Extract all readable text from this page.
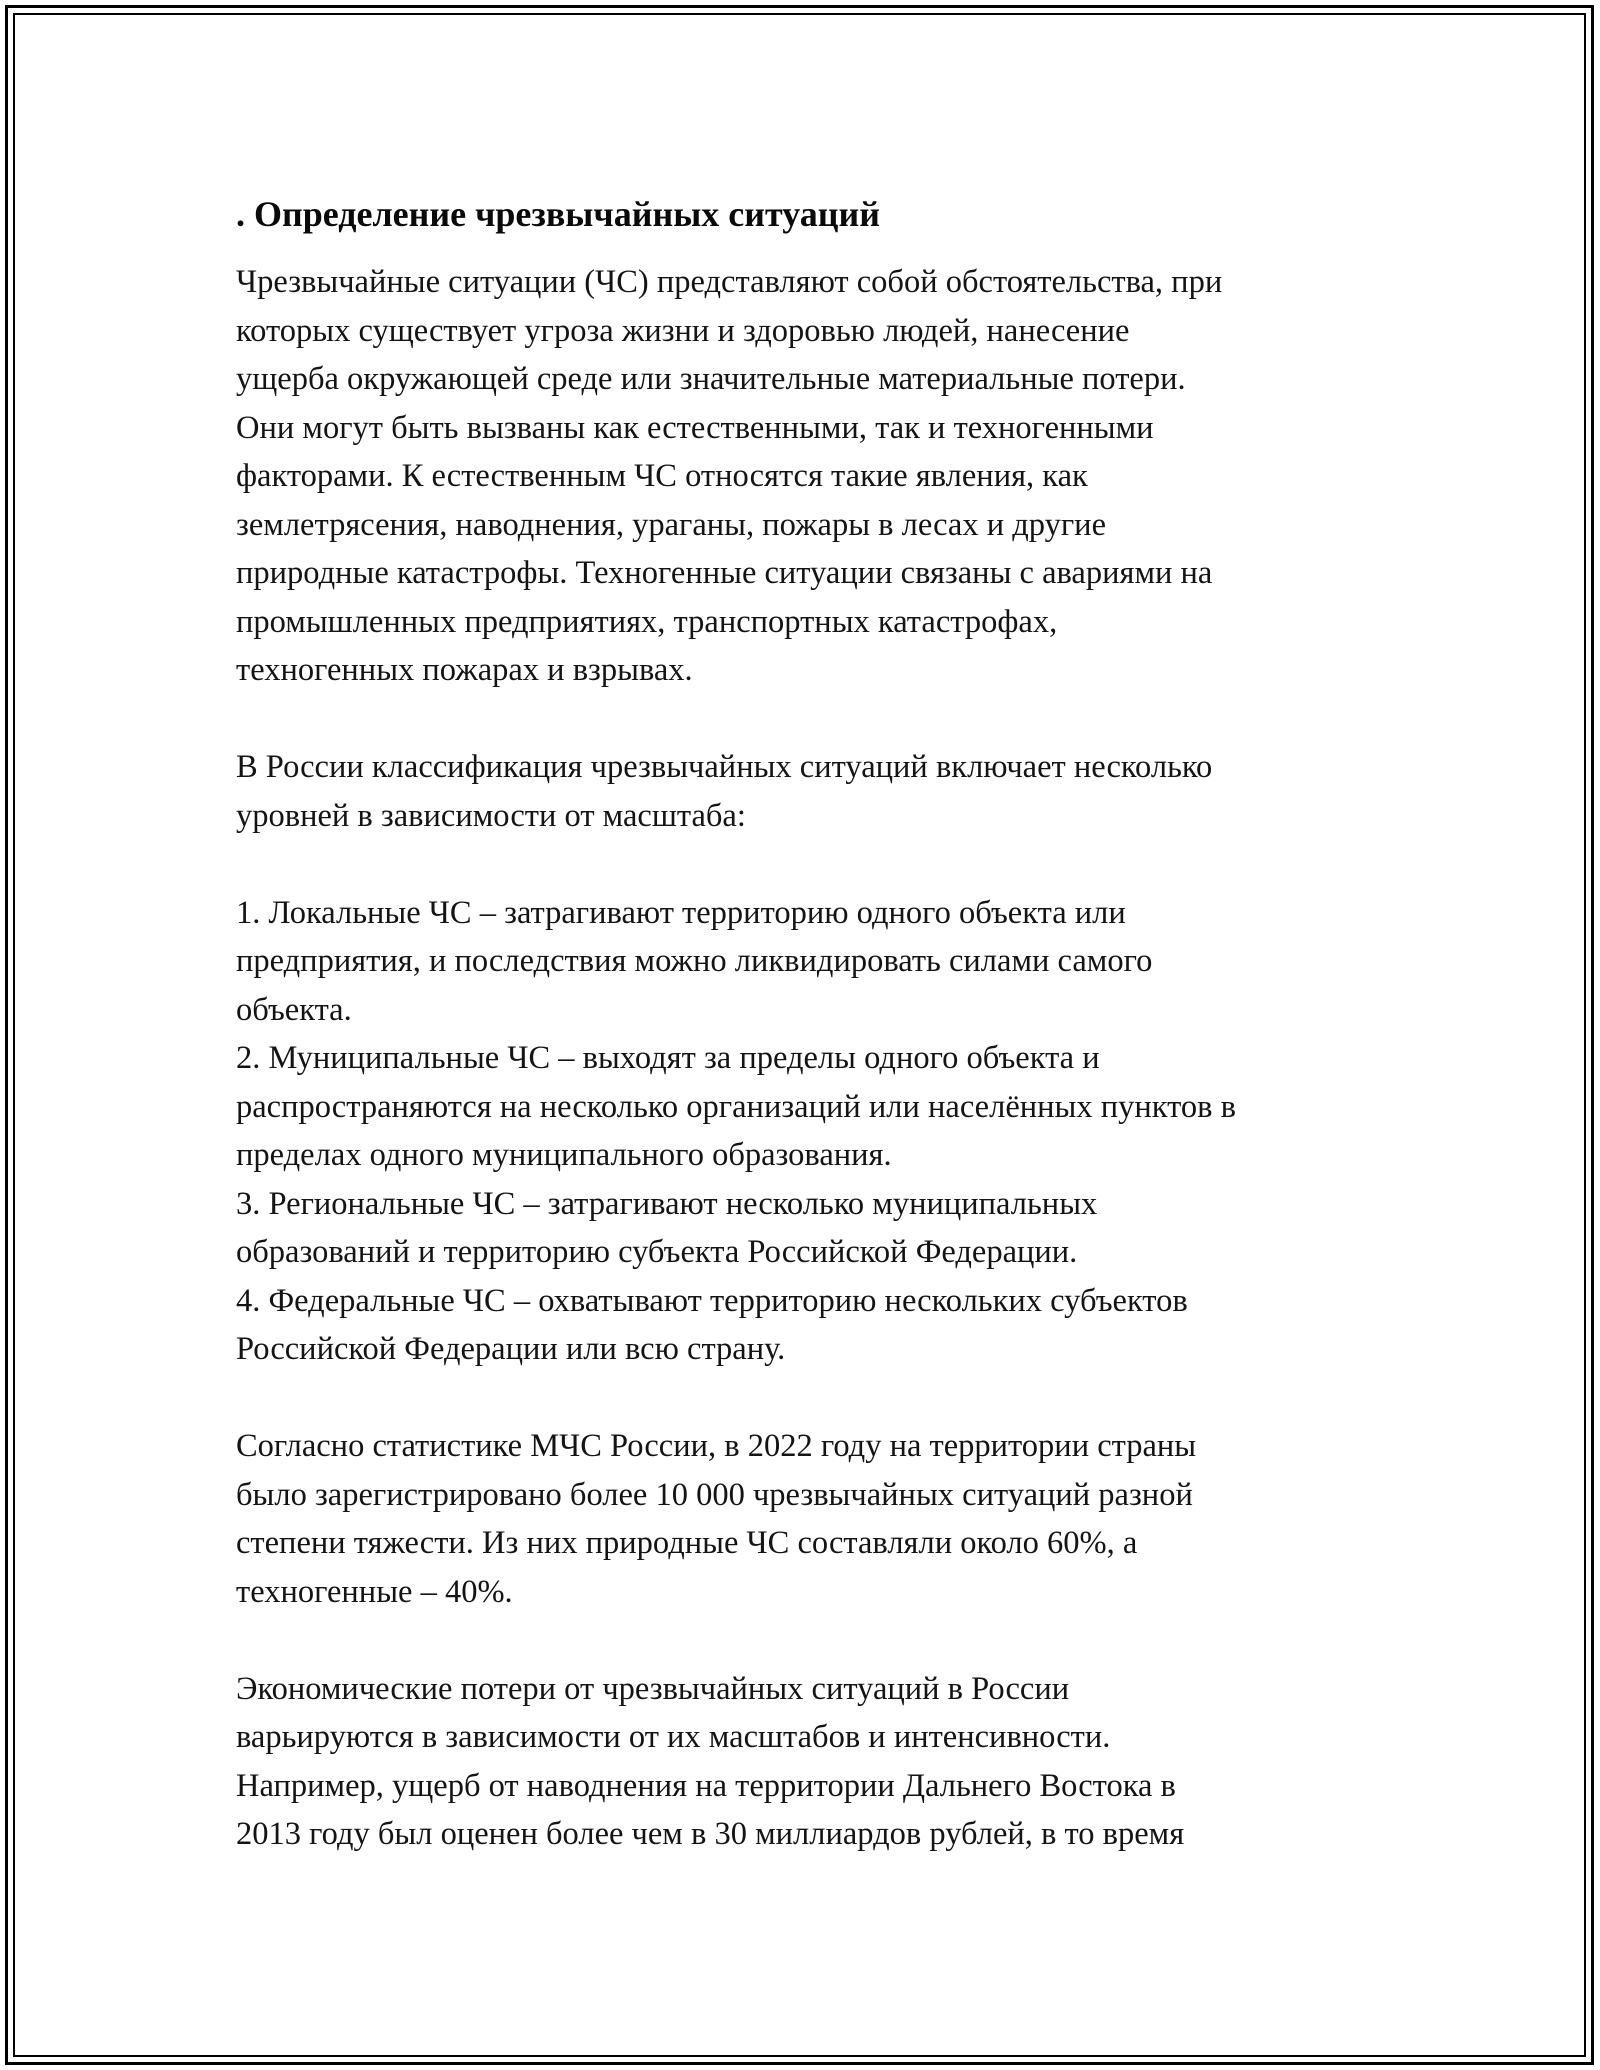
. Определение чрезвычайных ситуаций
Чрезвычайные ситуации (ЧС) представляют собой обстоятельства, при
которых существует угроза жизни и здоровью людей, нанесение
ущерба окружающей среде или значительные материальные потери.
Они могут быть вызваны как естественными, так и техногенными
факторами. К естественным ЧС относятся такие явления, как
землетрясения, наводнения, ураганы, пожары в лесах и другие
природные катастрофы. Техногенные ситуации связаны с авариями на
промышленных предприятиях, транспортных катастрофах,
техногенных пожарах и взрывах.

В России классификация чрезвычайных ситуаций включает несколько
уровней в зависимости от масштаба:

1. Локальные ЧС – затрагивают территорию одного объекта или
предприятия, и последствия можно ликвидировать силами самого
объекта.
2. Муниципальные ЧС – выходят за пределы одного объекта и
распространяются на несколько организаций или населённых пунктов в
пределах одного муниципального образования.
3. Региональные ЧС – затрагивают несколько муниципальных
образований и территорию субъекта Российской Федерации.
4. Федеральные ЧС – охватывают территорию нескольких субъектов
Российской Федерации или всю страну.

Согласно статистике МЧС России, в 2022 году на территории страны
было зарегистрировано более 10 000 чрезвычайных ситуаций разной
степени тяжести. Из них природные ЧС составляли около 60%, а
техногенные – 40%.

Экономические потери от чрезвычайных ситуаций в России
варьируются в зависимости от их масштабов и интенсивности.
Например, ущерб от наводнения на территории Дальнего Востока в
2013 году был оценен более чем в 30 миллиардов рублей, в то время
